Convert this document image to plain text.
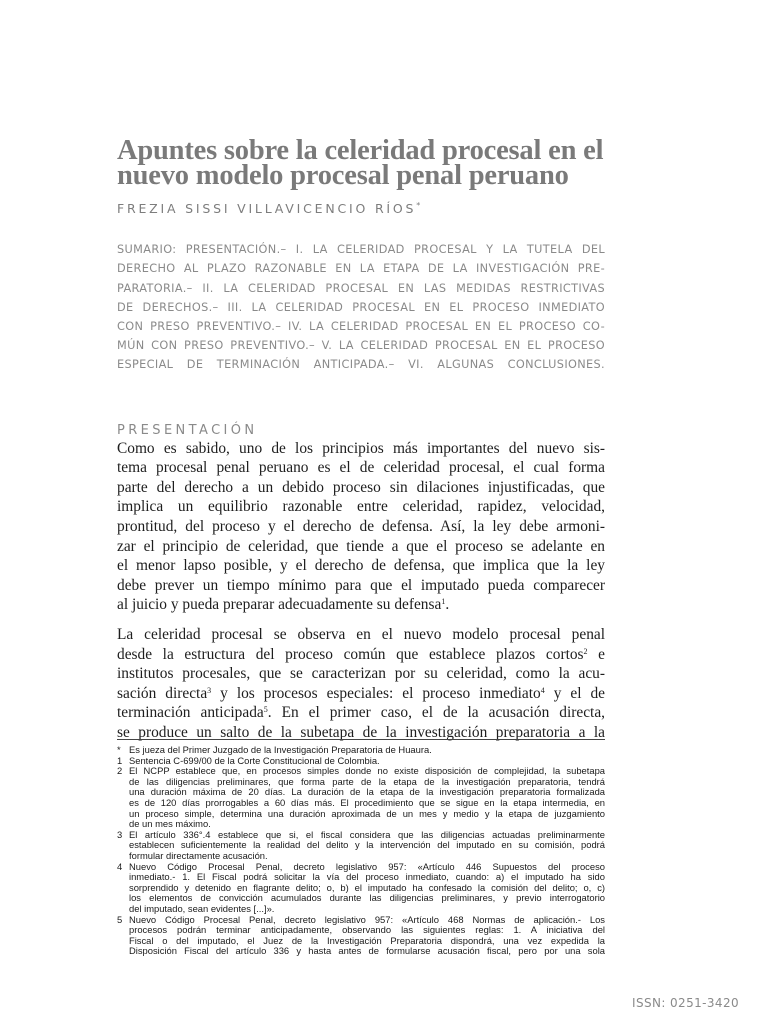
Apuntes sobre la celeridad procesal en el
nuevo modelo procesal penal peruano
FREZIA SISSI VILLAVICENCIO RÍOS*
SUMARIO: PRESENTACIÓN.– I. LA CELERIDAD PROCESAL Y LA TUTELA DEL
DERECHO AL PLAZO RAZONABLE EN LA ETAPA DE LA INVESTIGACIÓN PRE-
PARATORIA.– II. LA CELERIDAD PROCESAL EN LAS MEDIDAS RESTRICTIVAS
DE DERECHOS.– III. LA CELERIDAD PROCESAL EN EL PROCESO INMEDIATO
CON PRESO PREVENTIVO.– IV. LA CELERIDAD PROCESAL EN EL PROCESO CO-
MÚN CON PRESO PREVENTIVO.– V. LA CELERIDAD PROCESAL EN EL PROCESO
ESPECIAL DE TERMINACIÓN ANTICIPADA.– VI. ALGUNAS CONCLUSIONES.
PRESENTACIÓN

Como es sabido, uno de los principios más importantes del nuevo sis-
tema procesal penal peruano es el de celeridad procesal, el cual forma
parte del derecho a un debido proceso sin dilaciones injustificadas, que
implica un equilibrio razonable entre celeridad, rapidez, velocidad,
prontitud, del proceso y el derecho de defensa. Así, la ley debe armoni-
zar el principio de celeridad, que tiende a que el proceso se adelante en
el menor lapso posible, y el derecho de defensa, que implica que la ley
debe prever un tiempo mínimo para que el imputado pueda comparecer
al juicio y pueda preparar adecuadamente su defensa$^1$.

La celeridad procesal se observa en el nuevo modelo procesal penal
desde la estructura del proceso común que establece plazos cortos$^2$ e
institutos procesales, que se caracterizan por su celeridad, como la acu-
sación directa$^3$ y los procesos especiales: el proceso inmediato$^4$ y el de
terminación anticipada$^5$. En el primer caso, el de la acusación directa,
se produce un salto de la subetapa de la investigación preparatoria a la

* Es jueza del Primer Juzgado de la Investigación Preparatoria de Huaura.
1 Sentencia C-699/00 de la Corte Constitucional de Colombia.
2 El NCPP establece que, en procesos simples donde no existe disposición de complejidad, la subetapa
de las diligencias preliminares, que forma parte de la etapa de la investigación preparatoria, tendrá
una duración máxima de 20 días. La duración de la etapa de la investigación preparatoria formalizada
es de 120 días prorrogables a 60 días más. El procedimiento que se sigue en la etapa intermedia, en
un proceso simple, determina una duración aproximada de un mes y medio y la etapa de juzgamiento
de un mes máximo.
3 El artículo 336°.4 establece que si, el fiscal considera que las diligencias actuadas preliminarmente
establecen suficientemente la realidad del delito y la intervención del imputado en su comisión, podrá
formular directamente acusación.
4 Nuevo Código Procesal Penal, decreto legislativo 957: «Artículo 446 Supuestos del proceso
inmediato.- 1. El Fiscal podrá solicitar la vía del proceso inmediato, cuando: a) el imputado ha sido
sorprendido y detenido en flagrante delito; o, b) el imputado ha confesado la comisión del delito; o, c)
los elementos de convicción acumulados durante las diligencias preliminares, y previo interrogatorio
del imputado, sean evidentes [...]».
5 Nuevo Código Procesal Penal, decreto legislativo 957: «Artículo 468 Normas de aplicación.- Los
procesos podrán terminar anticipadamente, observando las siguientes reglas: 1. A iniciativa del
Fiscal o del imputado, el Juez de la Investigación Preparatoria dispondrá, una vez expedida la
Disposición Fiscal del artículo 336 y hasta antes de formularse acusación fiscal, pero por una sola
ISSN: 0251-3420
